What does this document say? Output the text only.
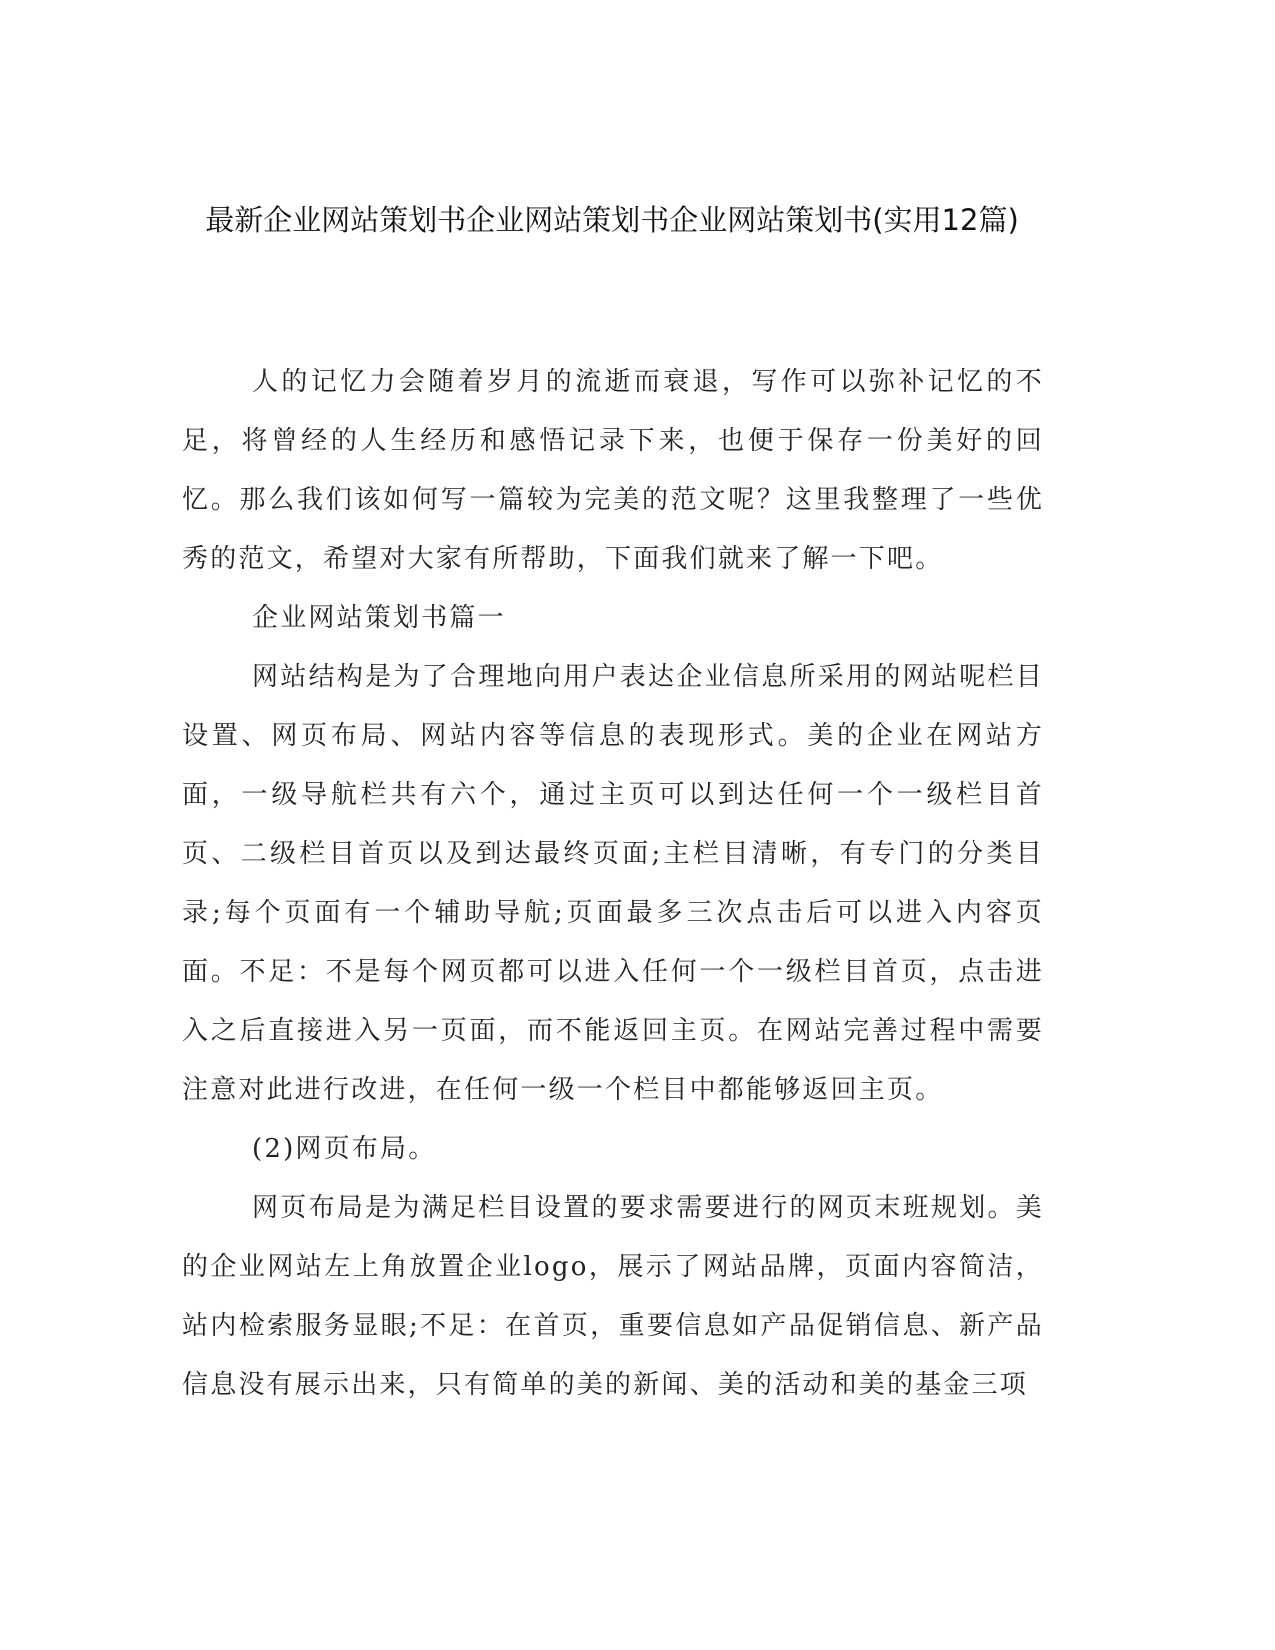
最新企业网站策划书企业网站策划书企业网站策划书(实用12篇)

人的记忆力会随着岁月的流逝而衰退，写作可以弥补记忆的不足，将曾经的人生经历和感悟记录下来，也便于保存一份美好的回忆。那么我们该如何写一篇较为完美的范文呢？这里我整理了一些优秀的范文，希望对大家有所帮助，下面我们就来了解一下吧。

企业网站策划书篇一

网站结构是为了合理地向用户表达企业信息所采用的网站呢栏目设置、网页布局、网站内容等信息的表现形式。美的企业在网站方面，一级导航栏共有六个，通过主页可以到达任何一个一级栏目首页、二级栏目首页以及到达最终页面;主栏目清晰，有专门的分类目录;每个页面有一个辅助导航;页面最多三次点击后可以进入内容页面。不足：不是每个网页都可以进入任何一个一级栏目首页，点击进入之后直接进入另一页面，而不能返回主页。在网站完善过程中需要注意对此进行改进，在任何一级一个栏目中都能够返回主页。

(2)网页布局。

网页布局是为满足栏目设置的要求需要进行的网页末班规划。美的企业网站左上角放置企业logo，展示了网站品牌，页面内容简洁，站内检索服务显眼;不足：在首页，重要信息如产品促销信息、新产品信息没有展示出来，只有简单的美的新闻、美的活动和美的基金三项
